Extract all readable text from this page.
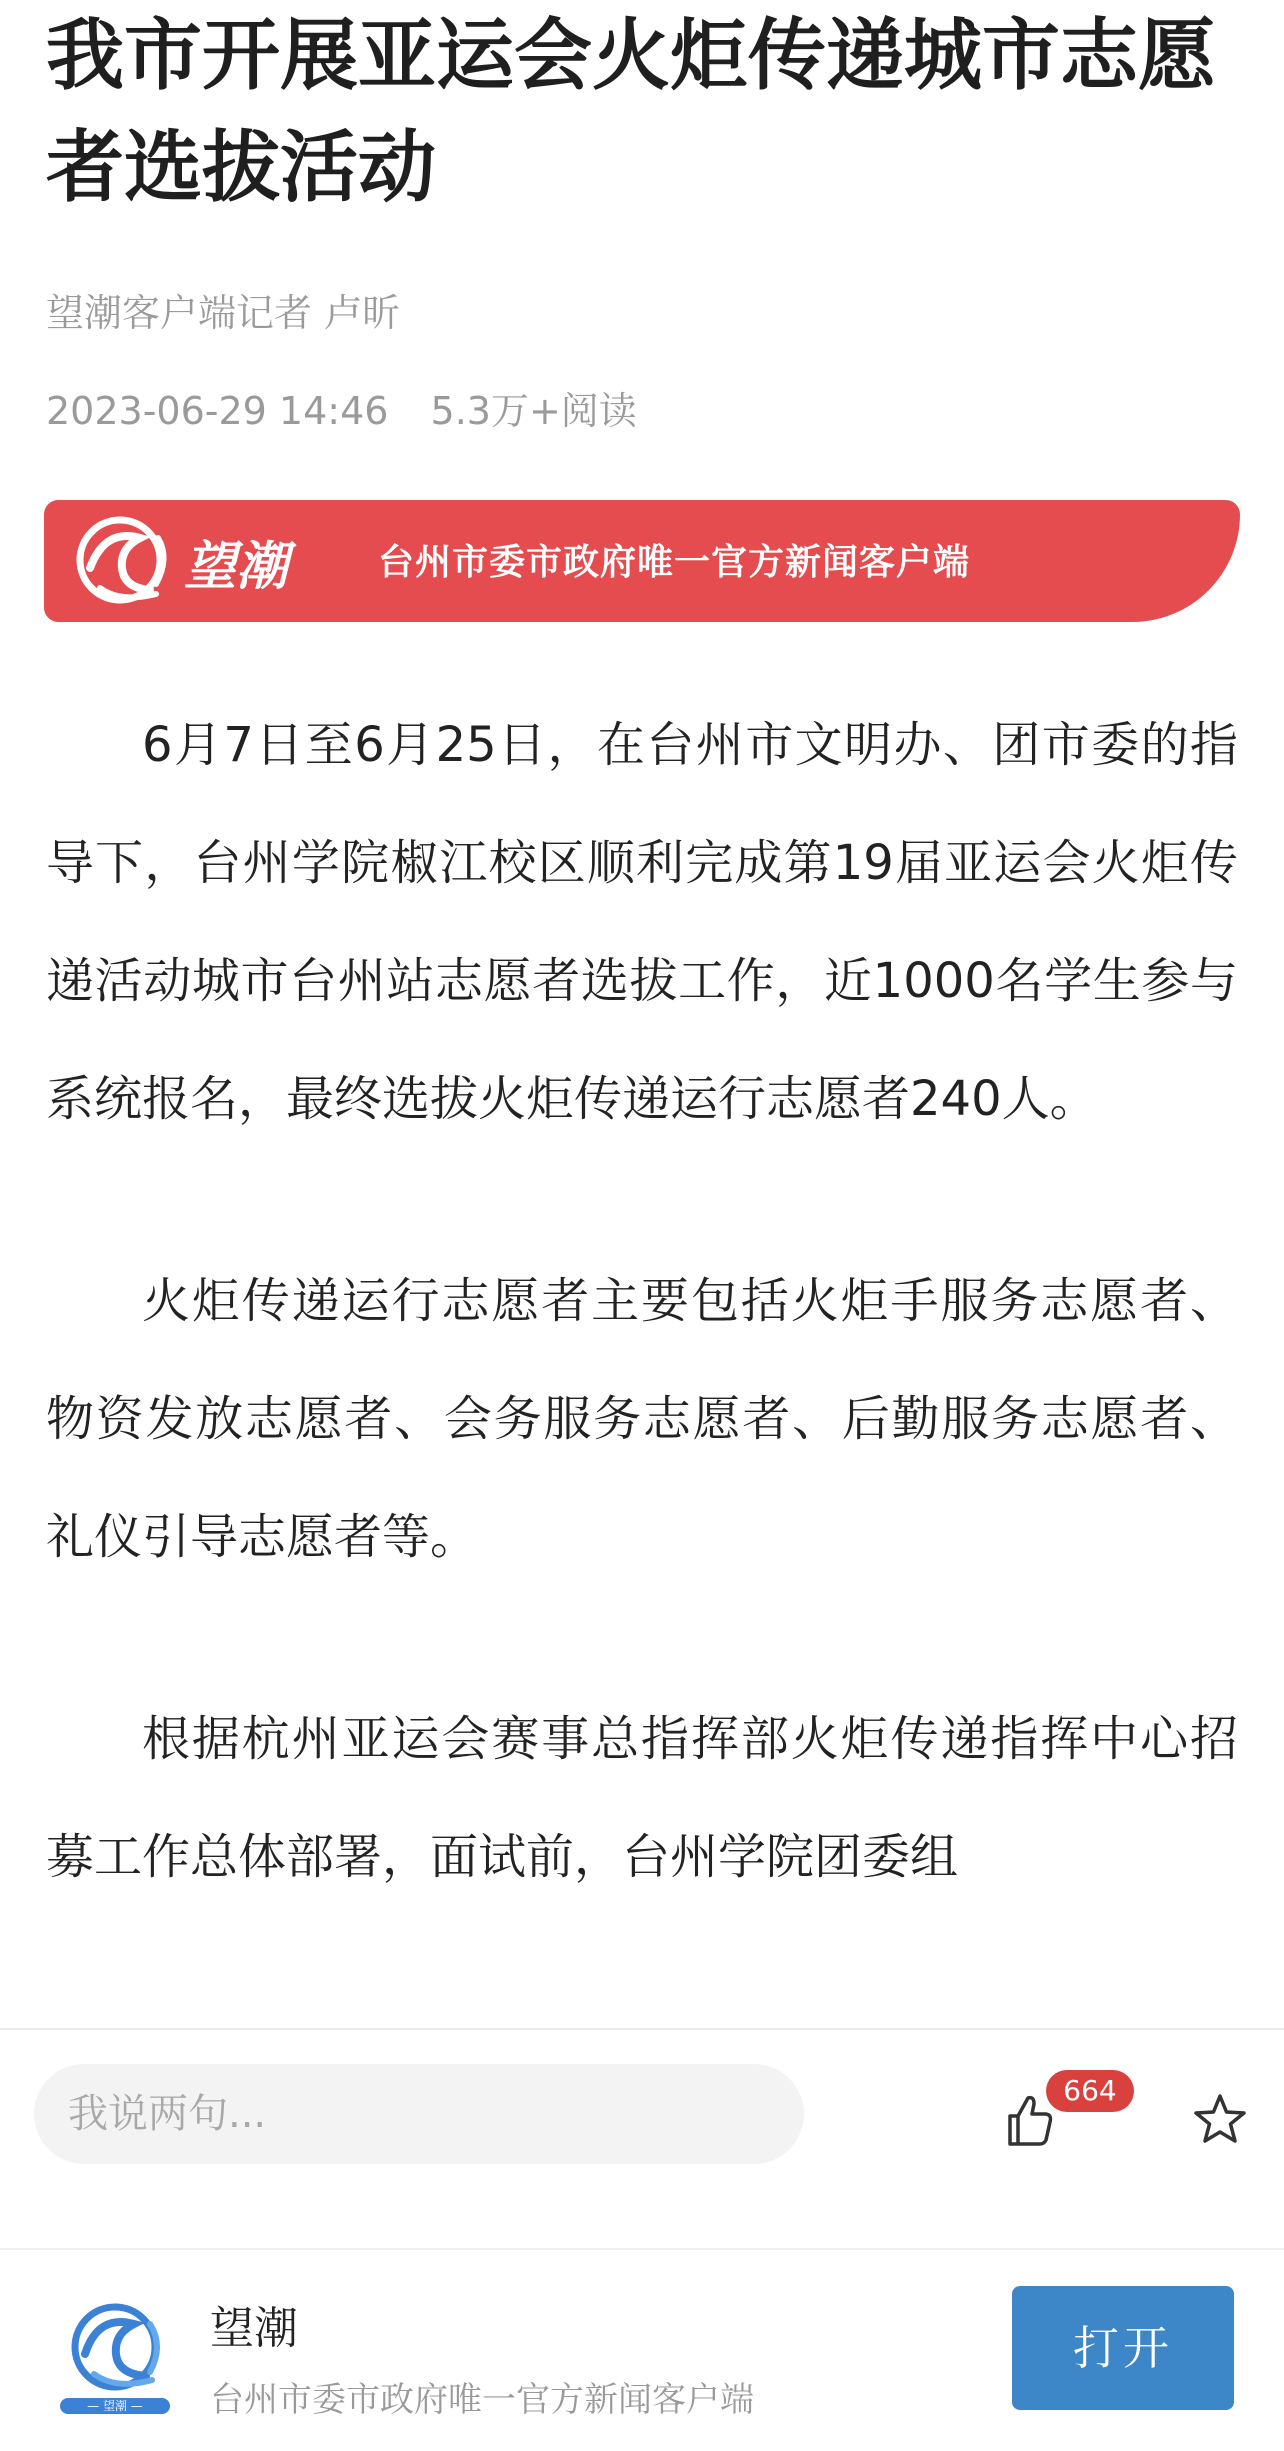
我市开展亚运会火炬传递城市志愿者选拔活动
望潮客户端记者 卢昕
2023-06-29 14:46 5.3万+阅读
望潮 台州市委市政府唯一官方新闻客户端

6月7日至6月25日，在台州市文明办、团市委的指导下，台州学院椒江校区顺利完成第19届亚运会火炬传递活动城市台州站志愿者选拔工作，近1000名学生参与系统报名，最终选拔火炬传递运行志愿者240人。

火炬传递运行志愿者主要包括火炬手服务志愿者、物资发放志愿者、会务服务志愿者、后勤服务志愿者、礼仪引导志愿者等。

根据杭州亚运会赛事总指挥部火炬传递指挥中心招募工作总体部署，面试前，台州学院团委组

我说两句...
664
— 望潮 —
望潮
台州市委市政府唯一官方新闻客户端
打开
